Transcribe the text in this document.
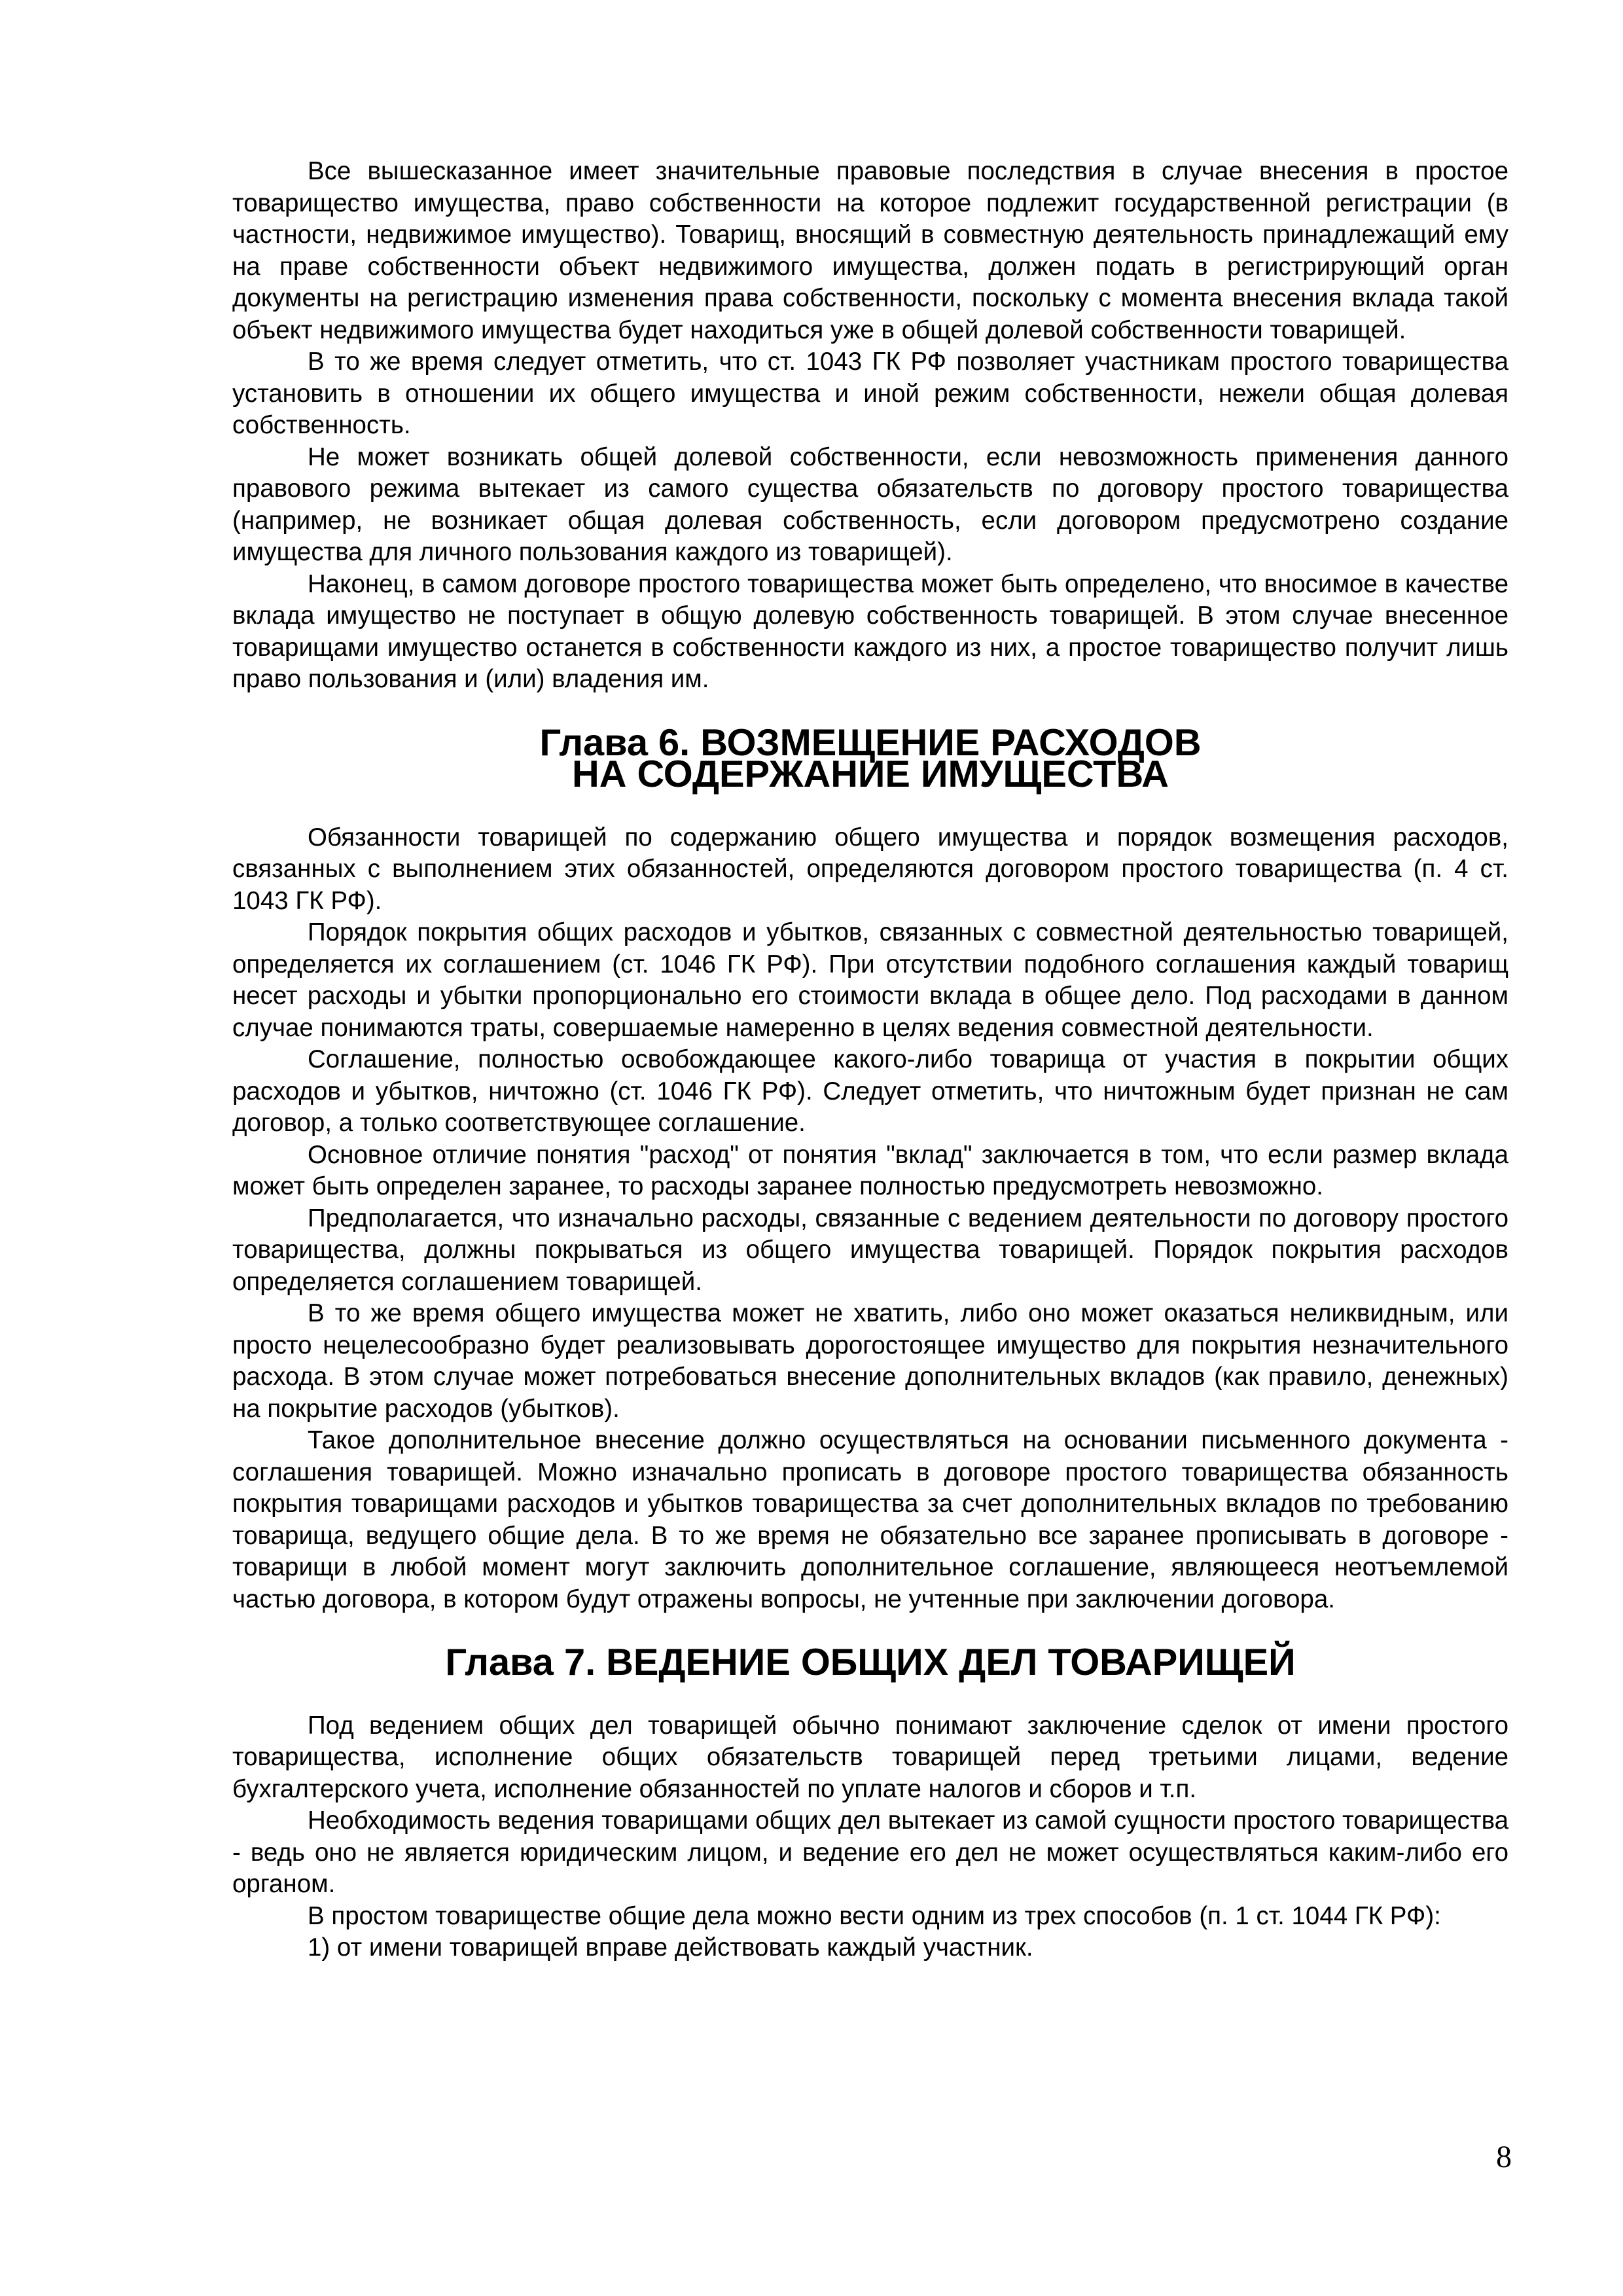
Все вышесказанное имеет значительные правовые последствия в случае внесения в простое товарищество имущества, право собственности на которое подлежит государственной регистрации (в частности, недвижимое имущество). Товарищ, вносящий в совместную деятельность принадлежащий ему на праве собственности объект недвижимого имущества, должен подать в регистрирующий орган документы на регистрацию изменения права собственности, поскольку с момента внесения вклада такой объект недвижимого имущества будет находиться уже в общей долевой собственности товарищей.

В то же время следует отметить, что ст. 1043 ГК РФ позволяет участникам простого товарищества установить в отношении их общего имущества и иной режим собственности, нежели общая долевая собственность.

Не может возникать общей долевой собственности, если невозможность применения данного правового режима вытекает из самого существа обязательств по договору простого товарищества (например, не возникает общая долевая собственность, если договором предусмотрено создание имущества для личного пользования каждого из товарищей).

Наконец, в самом договоре простого товарищества может быть определено, что вносимое в качестве вклада имущество не поступает в общую долевую собственность товарищей. В этом случае внесенное товарищами имущество останется в собственности каждого из них, а простое товарищество получит лишь право пользования и (или) владения им.

Глава 6. ВОЗМЕЩЕНИЕ РАСХОДОВ
НА СОДЕРЖАНИЕ ИМУЩЕСТВА

Обязанности товарищей по содержанию общего имущества и порядок возмещения расходов, связанных с выполнением этих обязанностей, определяются договором простого товарищества (п. 4 ст. 1043 ГК РФ).

Порядок покрытия общих расходов и убытков, связанных с совместной деятельностью товарищей, определяется их соглашением (ст. 1046 ГК РФ). При отсутствии подобного соглашения каждый товарищ несет расходы и убытки пропорционально его стоимости вклада в общее дело. Под расходами в данном случае понимаются траты, совершаемые намеренно в целях ведения совместной деятельности.

Соглашение, полностью освобождающее какого-либо товарища от участия в покрытии общих расходов и убытков, ничтожно (ст. 1046 ГК РФ). Следует отметить, что ничтожным будет признан не сам договор, а только соответствующее соглашение.

Основное отличие понятия "расход" от понятия "вклад" заключается в том, что если размер вклада может быть определен заранее, то расходы заранее полностью предусмотреть невозможно.

Предполагается, что изначально расходы, связанные с ведением деятельности по договору простого товарищества, должны покрываться из общего имущества товарищей. Порядок покрытия расходов определяется соглашением товарищей.

В то же время общего имущества может не хватить, либо оно может оказаться неликвидным, или просто нецелесообразно будет реализовывать дорогостоящее имущество для покрытия незначительного расхода. В этом случае может потребоваться внесение дополнительных вкладов (как правило, денежных) на покрытие расходов (убытков).

Такое дополнительное внесение должно осуществляться на основании письменного документа - соглашения товарищей. Можно изначально прописать в договоре простого товарищества обязанность покрытия товарищами расходов и убытков товарищества за счет дополнительных вкладов по требованию товарища, ведущего общие дела. В то же время не обязательно все заранее прописывать в договоре - товарищи в любой момент могут заключить дополнительное соглашение, являющееся неотъемлемой частью договора, в котором будут отражены вопросы, не учтенные при заключении договора.

Глава 7. ВЕДЕНИЕ ОБЩИХ ДЕЛ ТОВАРИЩЕЙ

Под ведением общих дел товарищей обычно понимают заключение сделок от имени простого товарищества, исполнение общих обязательств товарищей перед третьими лицами, ведение бухгалтерского учета, исполнение обязанностей по уплате налогов и сборов и т.п.

Необходимость ведения товарищами общих дел вытекает из самой сущности простого товарищества - ведь оно не является юридическим лицом, и ведение его дел не может осуществляться каким-либо его органом.

В простом товариществе общие дела можно вести одним из трех способов (п. 1 ст. 1044 ГК РФ):

1) от имени товарищей вправе действовать каждый участник.

8
